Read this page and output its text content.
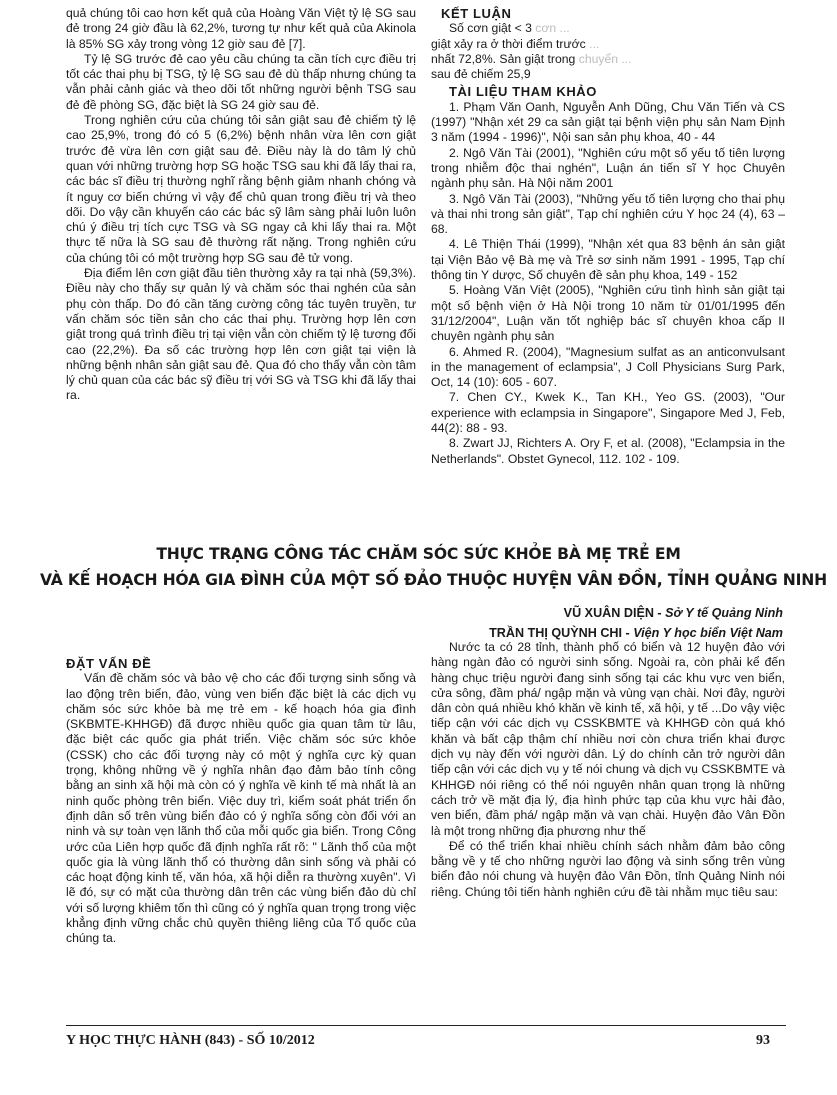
quả chúng tôi cao hơn kết quả của Hoàng Văn Việt tỷ lệ SG sau đẻ trong 24 giờ đầu là 62,2%, tương tự như kết quả của Akinola là 85% SG xảy trong vòng 12 giờ sau đẻ [7].

Tỷ lệ SG trước đẻ cao yêu cầu chúng ta cần tích cực điều trị tốt các thai phụ bị TSG, tỷ lệ SG sau đẻ dù thấp nhưng chúng ta vẫn phải cảnh giác và theo dõi tốt những người bệnh TSG sau đẻ đề phòng SG, đặc biệt là SG 24 giờ sau đẻ.

Trong nghiên cứu của chúng tôi sản giật sau đẻ chiếm tỷ lệ cao 25,9%, trong đó có 5 (6,2%) bệnh nhân vừa lên cơn giật trước đẻ vừa lên cơn giật sau đẻ. Điều này là do tâm lý chủ quan với những trường hợp SG hoặc TSG sau khi đã lấy thai ra, các bác sĩ điều trị thường nghĩ rằng bệnh giảm nhanh chóng và ít nguy cơ biến chứng vì vậy để chủ quan trong điều trị và theo dõi. Do vậy cần khuyến cáo các bác sỹ lâm sàng phải luôn luôn chú ý điều trị tích cực TSG và SG ngay cả khi lấy thai ra. Một thực tế nữa là SG sau đẻ thường rất nặng. Trong nghiên cứu của chúng tôi có một trường hợp SG sau đẻ tử vong.

Địa điểm lên cơn giật đầu tiên thường xảy ra tại nhà (59,3%). Điều này cho thấy sự quản lý và chăm sóc thai nghén của sản phụ còn thấp. Do đó cần tăng cường công tác tuyên truyền, tư vấn chăm sóc tiền sản cho các thai phụ. Trường hợp lên cơn giật trong quá trình điều trị tại viện vẫn còn chiếm tỷ lệ tương đối cao (22,2%). Đa số các trường hợp lên cơn giật tại viện là những bệnh nhân sản giật sau đẻ. Qua đó cho thấy vẫn còn tâm lý chủ quan của các bác sỹ điều trị với SG và TSG khi đã lấy thai ra.

KẾT LUẬN

Số cơn giật < 3 cơn ...

giật xảy ra ở thời điểm trước ...

nhất 72,8%. Sản giật trong chuyển ...

sau đẻ chiếm 25,9

TÀI LIỆU THAM KHẢO

1. Phạm Văn Oanh, Nguyễn Anh Dũng, Chu Văn Tiến và CS (1997) "Nhận xét 29 ca sản giật tại bệnh viện phụ sản Nam Định 3 năm (1994 - 1996)", Nội san sản phụ khoa, 40 - 44

2. Ngô Văn Tài (2001), "Nghiên cứu một số yếu tố tiên lượng trong nhiễm độc thai nghén", Luận án tiến sĩ Y học Chuyên ngành phụ sản. Hà Nội năm 2001

3. Ngô Văn Tài (2003), "Những yếu tố tiên lượng cho thai phụ và thai nhi trong sản giật", Tạp chí nghiên cứu Y học 24 (4), 63 – 68.

4. Lê Thiện Thái (1999), "Nhận xét qua 83 bệnh án sản giật tại Viện Bảo vệ Bà mẹ và Trẻ sơ sinh năm 1991 - 1995, Tạp chí thông tin Y dược, Số chuyên đề sản phụ khoa, 149 - 152

5. Hoàng Văn Việt (2005), "Nghiên cứu tình hình sản giật tại một số bệnh viện ở Hà Nội trong 10 năm từ 01/01/1995 đến 31/12/2004", Luận văn tốt nghiệp bác sĩ chuyên khoa cấp II chuyên ngành phụ sản

6. Ahmed R. (2004), "Magnesium sulfat as an anticonvulsant in the management of eclampsia", J Coll Physicians Surg Park, Oct, 14 (10): 605 - 607.

7. Chen CY., Kwek K., Tan KH., Yeo GS. (2003), "Our experience with eclampsia in Singapore", Singapore Med J, Feb, 44(2): 88 - 93.

8. Zwart JJ, Richters A. Ory F, et al. (2008), "Eclampsia in the Netherlands". Obstet Gynecol, 112. 102 - 109.

THỰC TRẠNG CÔNG TÁC CHĂM SÓC SỨC KHỎE BÀ MẸ TRẺ EM
VÀ KẾ HOẠCH HÓA GIA ĐÌNH CỦA MỘT SỐ ĐẢO THUỘC HUYỆN VÂN ĐỒN, TỈNH QUẢNG NINH
VŨ XUÂN DIỆN - Sở Y tế Quảng Ninh
TRẦN THỊ QUỲNH CHI - Viện Y học biển Việt Nam

ĐẶT VẤN ĐỀ

Vấn đề chăm sóc và bảo vệ cho các đối tượng sinh sống và lao động trên biển, đảo, vùng ven biển đặc biệt là các dịch vụ chăm sóc sức khỏe bà mẹ trẻ em - kế hoạch hóa gia đình (SKBMTE-KHHGĐ) đã được nhiều quốc gia quan tâm từ lâu, đặc biệt các quốc gia phát triển. Việc chăm sóc sức khỏe (CSSK) cho các đối tượng này có một ý nghĩa cực kỳ quan trọng, không những về ý nghĩa nhân đạo đảm bảo tính công bằng an sinh xã hội mà còn có ý nghĩa về kinh tế mà nhất là an ninh quốc phòng trên biển. Việc duy trì, kiểm soát phát triển ổn định dân số trên vùng biển đảo có ý nghĩa sống còn đối với an ninh và sự toàn vẹn lãnh thổ của mỗi quốc gia biển. Trong Công ước của Liên hợp quốc đã định nghĩa rất rõ: " Lãnh thổ của một quốc gia là vùng lãnh thổ có thường dân sinh sống và phải có các hoạt động kinh tế, văn hóa, xã hội diễn ra thường xuyên". Vì lẽ đó, sự có mặt của thường dân trên các vùng biển đảo dù chỉ với số lượng khiêm tốn thì cũng có ý nghĩa quan trọng trong việc khẳng định vững chắc chủ quyền thiêng liêng của Tổ quốc của chúng ta.

Nước ta có 28 tỉnh, thành phố có biển và 12 huyện đảo với hàng ngàn đảo có người sinh sống. Ngoài ra, còn phải kể đến hàng chục triệu người đang sinh sống tại các khu vực ven biển, cửa sông, đầm phá/ ngập mặn và vùng vạn chài. Nơi đây, người dân còn quá nhiều khó khăn về kinh tế, xã hội, y tế ...Do vậy việc tiếp cận với các dịch vụ CSSKBMTE và KHHGĐ còn quá khó khăn và bất cập thậm chí nhiều nơi còn chưa triển khai được dịch vụ này đến với người dân. Lý do chính cản trở người dân tiếp cận với các dịch vụ y tế nói chung và dịch vụ CSSKBMTE và KHHGĐ nói riêng có thể nói nguyên nhân quan trọng là những cách trở về mặt địa lý, địa hình phức tạp của khu vực hải đảo, ven biển, đầm phá/ ngập mặn và vạn chài. Huyện đảo Vân Đồn là một trong những địa phương như thế

Để có thể triển khai nhiều chính sách nhằm đảm bảo công bằng về y tế cho những người lao động và sinh sống trên vùng biển đảo nói chung và huyện đảo Vân Đồn, tỉnh Quảng Ninh nói riêng. Chúng tôi tiến hành nghiên cứu đề tài nhằm mục tiêu sau:

Y HỌC THỰC HÀNH (843) - SỐ 10/2012	93
